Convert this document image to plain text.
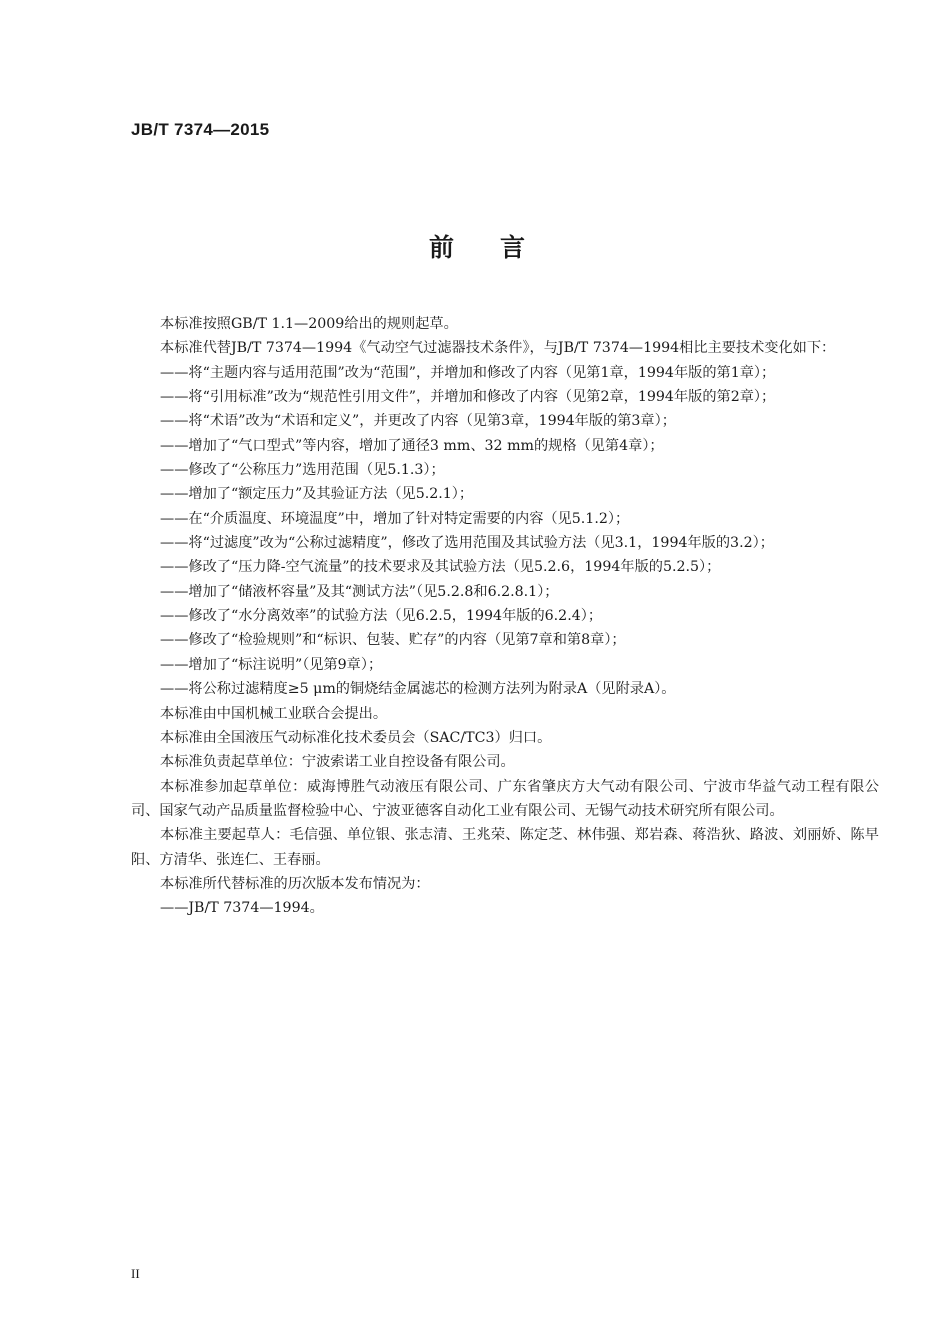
JB/T 7374—2015
前言

本标准按照GB/T 1.1—2009给出的规则起草。

本标准代替JB/T 7374—1994《气动空气过滤器技术条件》，与JB/T 7374—1994相比主要技术变化如下：

——将“主题内容与适用范围”改为“范围”，并增加和修改了内容（见第1章，1994年版的第1章）；

——将“引用标准”改为“规范性引用文件”，并增加和修改了内容（见第2章，1994年版的第2章）；

——将“术语”改为“术语和定义”，并更改了内容（见第3章，1994年版的第3章）；

——增加了“气口型式”等内容，增加了通径3 mm、32 mm的规格（见第4章）；

——修改了“公称压力”选用范围（见5.1.3）；

——增加了“额定压力”及其验证方法（见5.2.1）；

——在“介质温度、环境温度”中，增加了针对特定需要的内容（见5.1.2）；

——将“过滤度”改为“公称过滤精度”，修改了选用范围及其试验方法（见3.1，1994年版的3.2）；

——修改了“压力降-空气流量”的技术要求及其试验方法（见5.2.6，1994年版的5.2.5）；

——增加了“储液杯容量”及其“测试方法”（见5.2.8和6.2.8.1）；

——修改了“水分离效率”的试验方法（见6.2.5，1994年版的6.2.4）；

——修改了“检验规则”和“标识、包装、贮存”的内容（见第7章和第8章）；

——增加了“标注说明”（见第9章）；

——将公称过滤精度≥5 μm的铜烧结金属滤芯的检测方法列为附录A（见附录A）。

本标准由中国机械工业联合会提出。

本标准由全国液压气动标准化技术委员会（SAC/TC3）归口。

本标准负责起草单位：宁波索诺工业自控设备有限公司。

本标准参加起草单位：威海博胜气动液压有限公司、广东省肇庆方大气动有限公司、宁波市华益气动工程有限公司、国家气动产品质量监督检验中心、宁波亚德客自动化工业有限公司、无锡气动技术研究所有限公司。

本标准主要起草人：毛信强、单位银、张志清、王兆荣、陈定芝、林伟强、郑岩森、蒋浩狄、路波、刘丽娇、陈早阳、方清华、张连仁、王春丽。

本标准所代替标准的历次版本发布情况为：

——JB/T 7374—1994。

II
